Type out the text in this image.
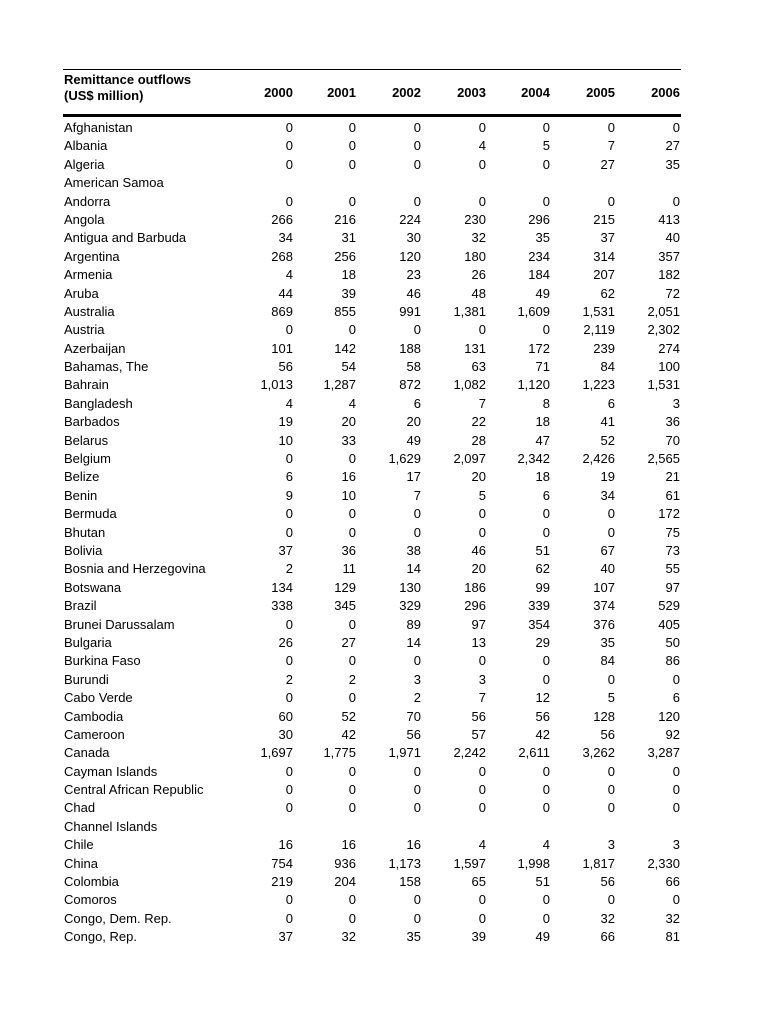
Remittance outflows
(US$ million)	2000	2001	2002	2003	2004	2005	2006
Afghanistan	0	0	0	0	0	0	0
Albania	0	0	0	4	5	7	27
Algeria	0	0	0	0	0	27	35
American Samoa
Andorra	0	0	0	0	0	0	0
Angola	266	216	224	230	296	215	413
Antigua and Barbuda	34	31	30	32	35	37	40
Argentina	268	256	120	180	234	314	357
Armenia	4	18	23	26	184	207	182
Aruba	44	39	46	48	49	62	72
Australia	869	855	991	1,381	1,609	1,531	2,051
Austria	0	0	0	0	0	2,119	2,302
Azerbaijan	101	142	188	131	172	239	274
Bahamas, The	56	54	58	63	71	84	100
Bahrain	1,013	1,287	872	1,082	1,120	1,223	1,531
Bangladesh	4	4	6	7	8	6	3
Barbados	19	20	20	22	18	41	36
Belarus	10	33	49	28	47	52	70
Belgium	0	0	1,629	2,097	2,342	2,426	2,565
Belize	6	16	17	20	18	19	21
Benin	9	10	7	5	6	34	61
Bermuda	0	0	0	0	0	0	172
Bhutan	0	0	0	0	0	0	75
Bolivia	37	36	38	46	51	67	73
Bosnia and Herzegovina	2	11	14	20	62	40	55
Botswana	134	129	130	186	99	107	97
Brazil	338	345	329	296	339	374	529
Brunei Darussalam	0	0	89	97	354	376	405
Bulgaria	26	27	14	13	29	35	50
Burkina Faso	0	0	0	0	0	84	86
Burundi	2	2	3	3	0	0	0
Cabo Verde	0	0	2	7	12	5	6
Cambodia	60	52	70	56	56	128	120
Cameroon	30	42	56	57	42	56	92
Canada	1,697	1,775	1,971	2,242	2,611	3,262	3,287
Cayman Islands	0	0	0	0	0	0	0
Central African Republic	0	0	0	0	0	0	0
Chad	0	0	0	0	0	0	0
Channel Islands
Chile	16	16	16	4	4	3	3
China	754	936	1,173	1,597	1,998	1,817	2,330
Colombia	219	204	158	65	51	56	66
Comoros	0	0	0	0	0	0	0
Congo, Dem. Rep.	0	0	0	0	0	32	32
Congo, Rep.	37	32	35	39	49	66	81
